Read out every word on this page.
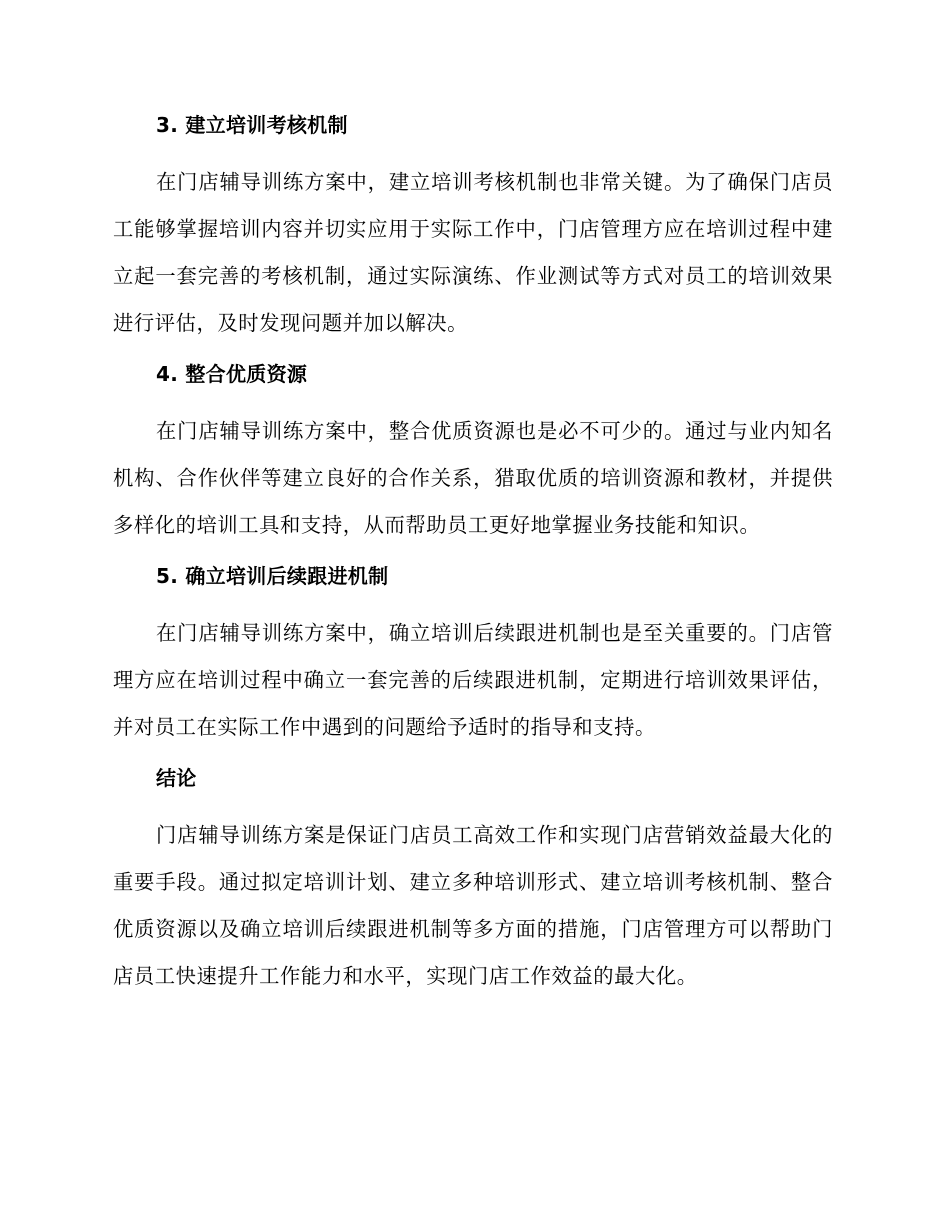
3. 建立培训考核机制

在门店辅导训练方案中，建立培训考核机制也非常关键。为了确保门店员工能够掌握培训内容并切实应用于实际工作中，门店管理方应在培训过程中建立起一套完善的考核机制，通过实际演练、作业测试等方式对员工的培训效果进行评估，及时发现问题并加以解决。

4. 整合优质资源

在门店辅导训练方案中，整合优质资源也是必不可少的。通过与业内知名机构、合作伙伴等建立良好的合作关系，猎取优质的培训资源和教材，并提供多样化的培训工具和支持，从而帮助员工更好地掌握业务技能和知识。

5. 确立培训后续跟进机制

在门店辅导训练方案中，确立培训后续跟进机制也是至关重要的。门店管理方应在培训过程中确立一套完善的后续跟进机制，定期进行培训效果评估，并对员工在实际工作中遇到的问题给予适时的指导和支持。

结论

门店辅导训练方案是保证门店员工高效工作和实现门店营销效益最大化的重要手段。通过拟定培训计划、建立多种培训形式、建立培训考核机制、整合优质资源以及确立培训后续跟进机制等多方面的措施，门店管理方可以帮助门店员工快速提升工作能力和水平，实现门店工作效益的最大化。
